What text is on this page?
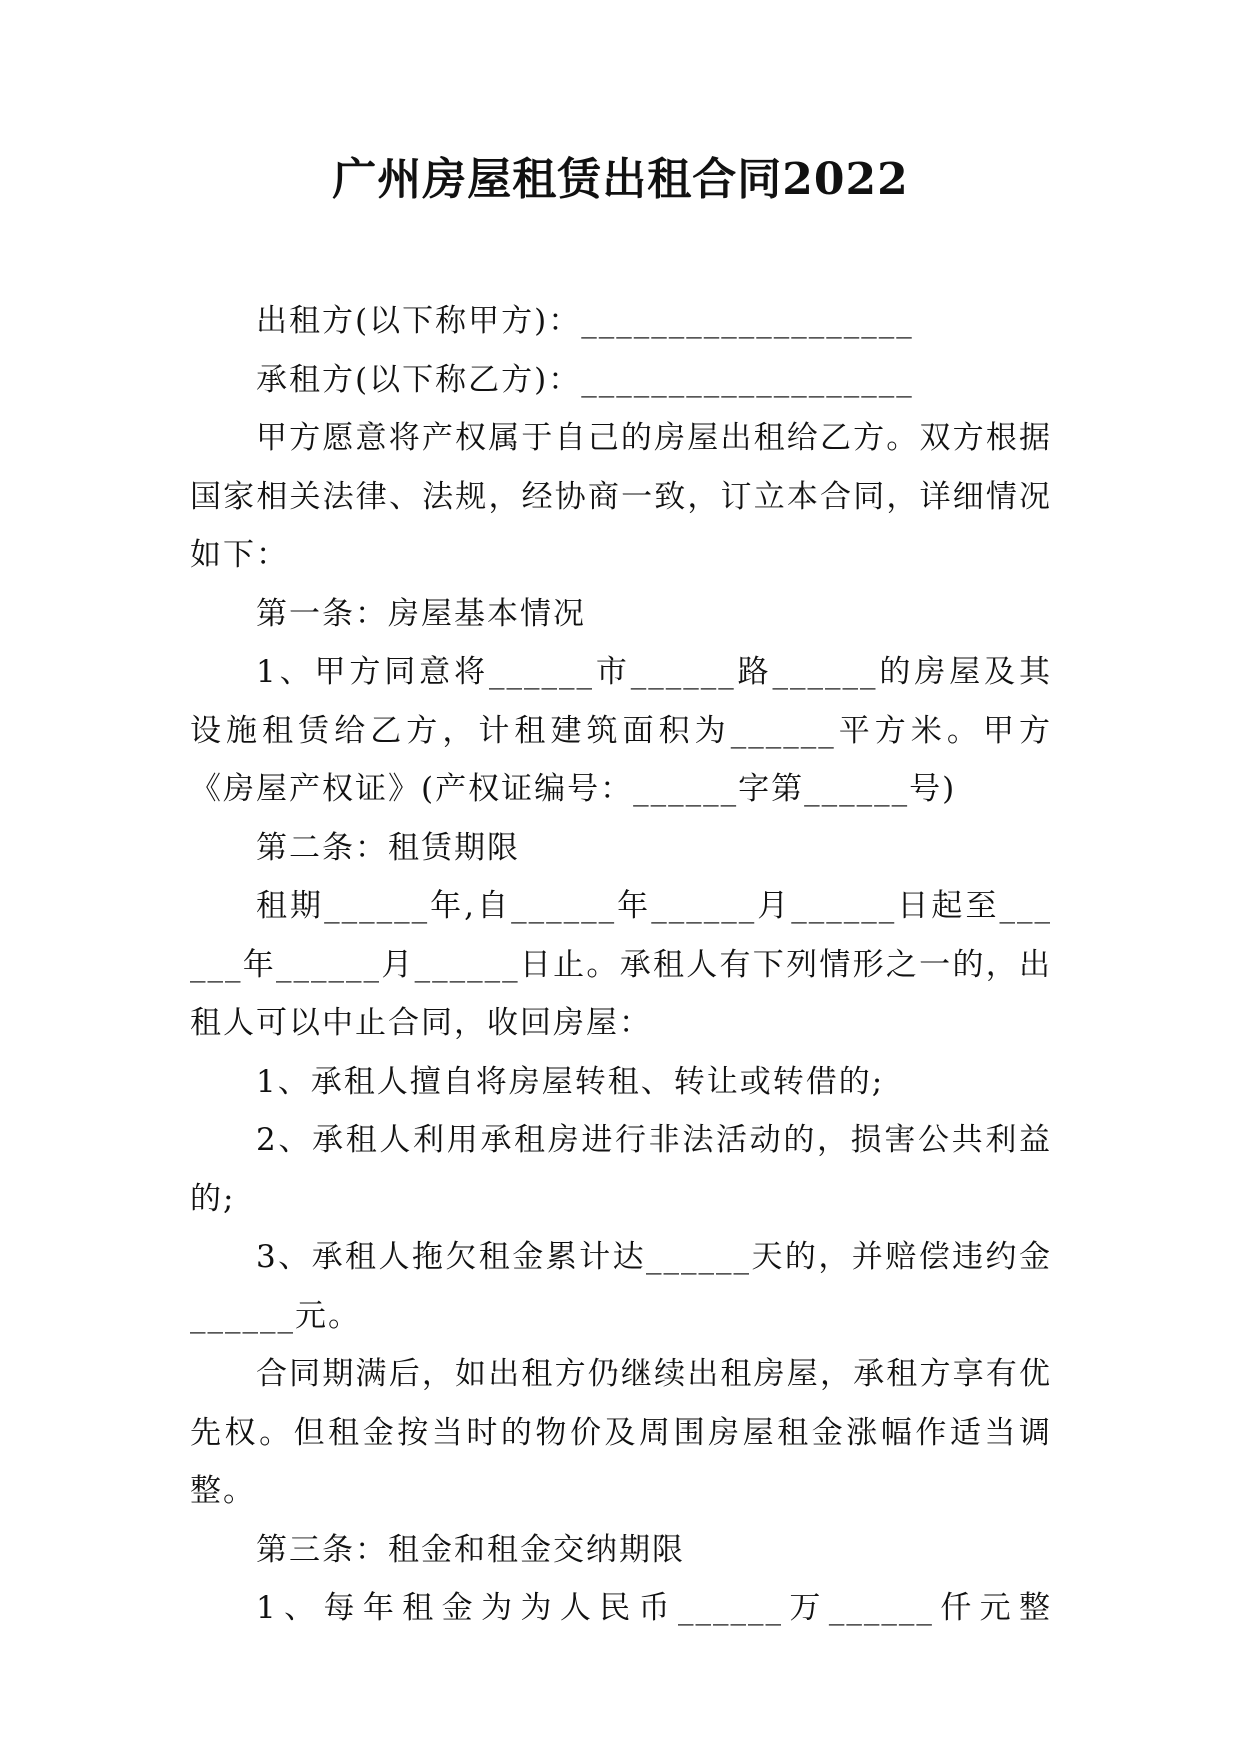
广州房屋租赁出租合同2022

出租方(以下称甲方)：___________________

承租方(以下称乙方)：___________________

甲方愿意将产权属于自己的房屋出租给乙方。双方根据国家相关法律、法规，经协商一致，订立本合同，详细情况如下：

第一条：房屋基本情况

1、甲方同意将______市______路______的房屋及其设施租赁给乙方，计租建筑面积为______平方米。甲方《房屋产权证》(产权证编号：______字第______号)

第二条：租赁期限

租期______年,自______年______月______日起至______年______月______日止。承租人有下列情形之一的，出租人可以中止合同，收回房屋：

1、承租人擅自将房屋转租、转让或转借的;

2、承租人利用承租房进行非法活动的，损害公共利益的;

3、承租人拖欠租金累计达______天的，并赔偿违约金______元。

合同期满后，如出租方仍继续出租房屋，承租方享有优先权。但租金按当时的物价及周围房屋租金涨幅作适当调整。

第三条：租金和租金交纳期限

1、每年租金为为人民币______万______仟元整
